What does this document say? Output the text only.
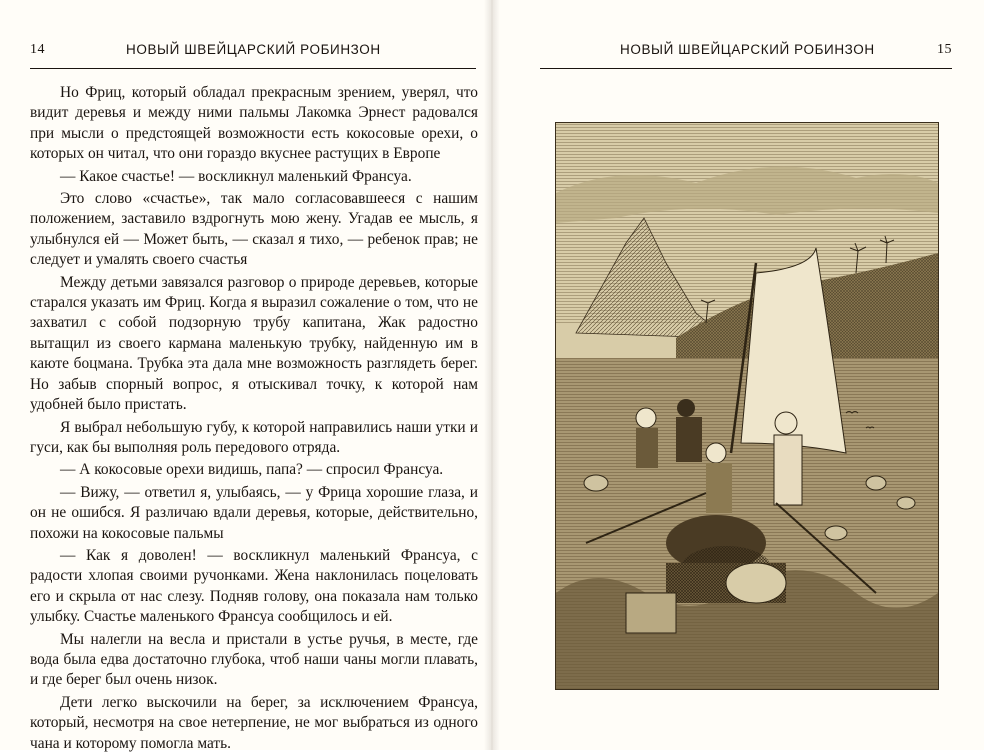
14	НОВЫЙ ШВЕЙЦАРСКИЙ РОБИНЗОН

Но Фриц, который обладал прекрасным зрением, уверял, что видит деревья и между ними пальмы Лакомка Эрнест радовался при мысли о предстоящей возможности есть кокосовые орехи, о которых он читал, что они гораздо вкуснее растущих в Европе

— Какое счастье! — воскликнул маленький Франсуа.

Это слово «счастье», так мало согласовавшееся с нашим положением, заставило вздрогнуть мою жену. Угадав ее мысль, я улыбнулся ей — Может быть, — сказал я тихо, — ребенок прав; не следует и умалять своего счастья

Между детьми завязался разговор о природе деревьев, которые старался указать им Фриц. Когда я выразил сожаление о том, что не захватил с собой подзорную трубу капитана, Жак радостно вытащил из своего кармана маленькую трубку, найденную им в каюте боцмана. Трубка эта дала мне возможность разглядеть берег. Но забыв спорный вопрос, я отыскивал точку, к которой нам удобней было пристать.

Я выбрал небольшую губу, к которой направились наши утки и гуси, как бы выполняя роль передового отряда.

— А кокосовые орехи видишь, папа? — спросил Франсуа.

— Вижу, — ответил я, улыбаясь, — у Фрица хорошие глаза, и он не ошибся. Я различаю вдали деревья, которые, действительно, похожи на кокосовые пальмы

— Как я доволен! — воскликнул маленький Франсуа, с радости хлопая своими ручонками. Жена наклонилась поцеловать его и скрыла от нас слезу. Подняв голову, она показала нам только улыбку. Счастье маленького Франсуа сообщилось и ей.

Мы налегли на весла и пристали в устье ручья, в месте, где вода была едва достаточно глубока, чтоб наши чаны могли плавать, и где берег был очень низок.

Дети легко выскочили на берег, за исключением Франсуа, который, несмотря на свое нетерпение, не мог выбраться из одного чана и которому помогла мать.

НОВЫЙ ШВЕЙЦАРСКИЙ РОБИНЗОН	15
